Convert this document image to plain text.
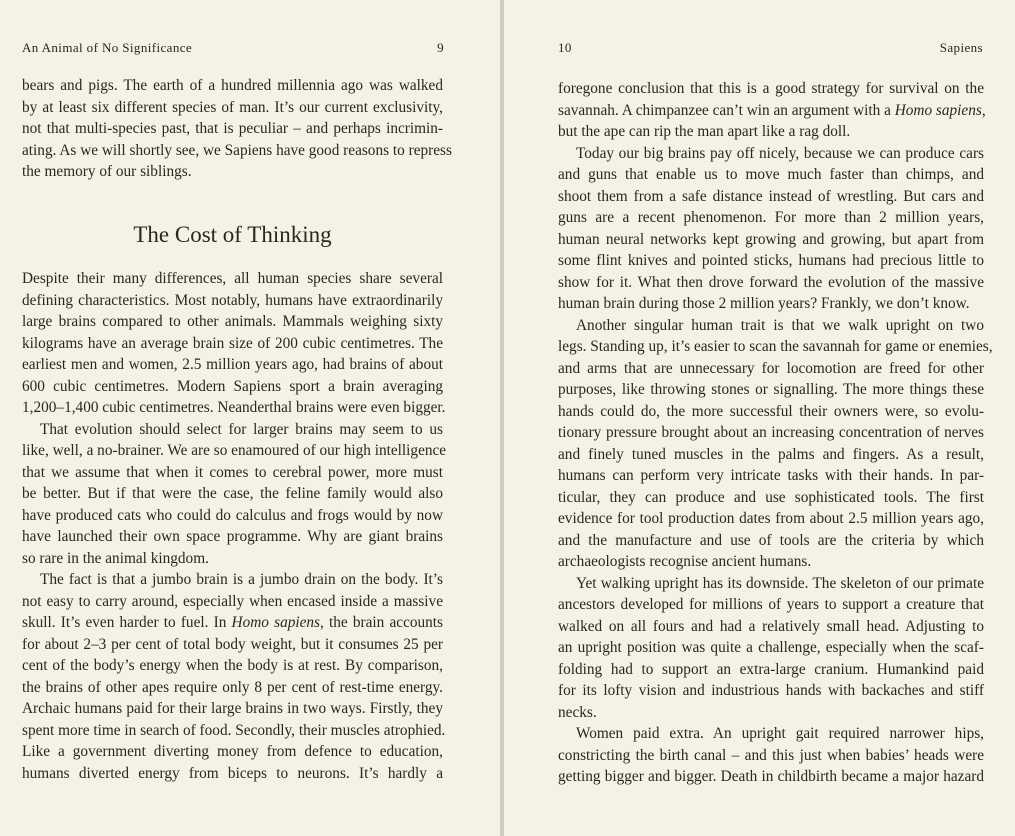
An Animal of No Significance	9
bears and pigs. The earth of a hundred millennia ago was walked
by at least six different species of man. It’s our current exclusivity,
not that multi-species past, that is peculiar – and perhaps incrimin-
ating. As we will shortly see, we Sapiens have good reasons to repress
the memory of our siblings.
The Cost of Thinking
Despite their many differences, all human species share several
defining characteristics. Most notably, humans have extraordinarily
large brains compared to other animals. Mammals weighing sixty
kilograms have an average brain size of 200 cubic centimetres. The
earliest men and women, 2.5 million years ago, had brains of about
600 cubic centimetres. Modern Sapiens sport a brain averaging
1,200–1,400 cubic centimetres. Neanderthal brains were even bigger.
That evolution should select for larger brains may seem to us
like, well, a no-brainer. We are so enamoured of our high intelligence
that we assume that when it comes to cerebral power, more must
be better. But if that were the case, the feline family would also
have produced cats who could do calculus and frogs would by now
have launched their own space programme. Why are giant brains
so rare in the animal kingdom.
The fact is that a jumbo brain is a jumbo drain on the body. It’s
not easy to carry around, especially when encased inside a massive
skull. It’s even harder to fuel. In Homo sapiens, the brain accounts
for about 2–3 per cent of total body weight, but it consumes 25 per
cent of the body’s energy when the body is at rest. By comparison,
the brains of other apes require only 8 per cent of rest-time energy.
Archaic humans paid for their large brains in two ways. Firstly, they
spent more time in search of food. Secondly, their muscles atrophied.
Like a government diverting money from defence to education,
humans diverted energy from biceps to neurons. It’s hardly a
10	Sapiens
foregone conclusion that this is a good strategy for survival on the
savannah. A chimpanzee can’t win an argument with a Homo sapiens,
but the ape can rip the man apart like a rag doll.
Today our big brains pay off nicely, because we can produce cars
and guns that enable us to move much faster than chimps, and
shoot them from a safe distance instead of wrestling. But cars and
guns are a recent phenomenon. For more than 2 million years,
human neural networks kept growing and growing, but apart from
some flint knives and pointed sticks, humans had precious little to
show for it. What then drove forward the evolution of the massive
human brain during those 2 million years? Frankly, we don’t know.
Another singular human trait is that we walk upright on two
legs. Standing up, it’s easier to scan the savannah for game or enemies,
and arms that are unnecessary for locomotion are freed for other
purposes, like throwing stones or signalling. The more things these
hands could do, the more successful their owners were, so evolu-
tionary pressure brought about an increasing concentration of nerves
and finely tuned muscles in the palms and fingers. As a result,
humans can perform very intricate tasks with their hands. In par-
ticular, they can produce and use sophisticated tools. The first
evidence for tool production dates from about 2.5 million years ago,
and the manufacture and use of tools are the criteria by which
archaeologists recognise ancient humans.
Yet walking upright has its downside. The skeleton of our primate
ancestors developed for millions of years to support a creature that
walked on all fours and had a relatively small head. Adjusting to
an upright position was quite a challenge, especially when the scaf-
folding had to support an extra-large cranium. Humankind paid
for its lofty vision and industrious hands with backaches and stiff
necks.
Women paid extra. An upright gait required narrower hips,
constricting the birth canal – and this just when babies’ heads were
getting bigger and bigger. Death in childbirth became a major hazard
